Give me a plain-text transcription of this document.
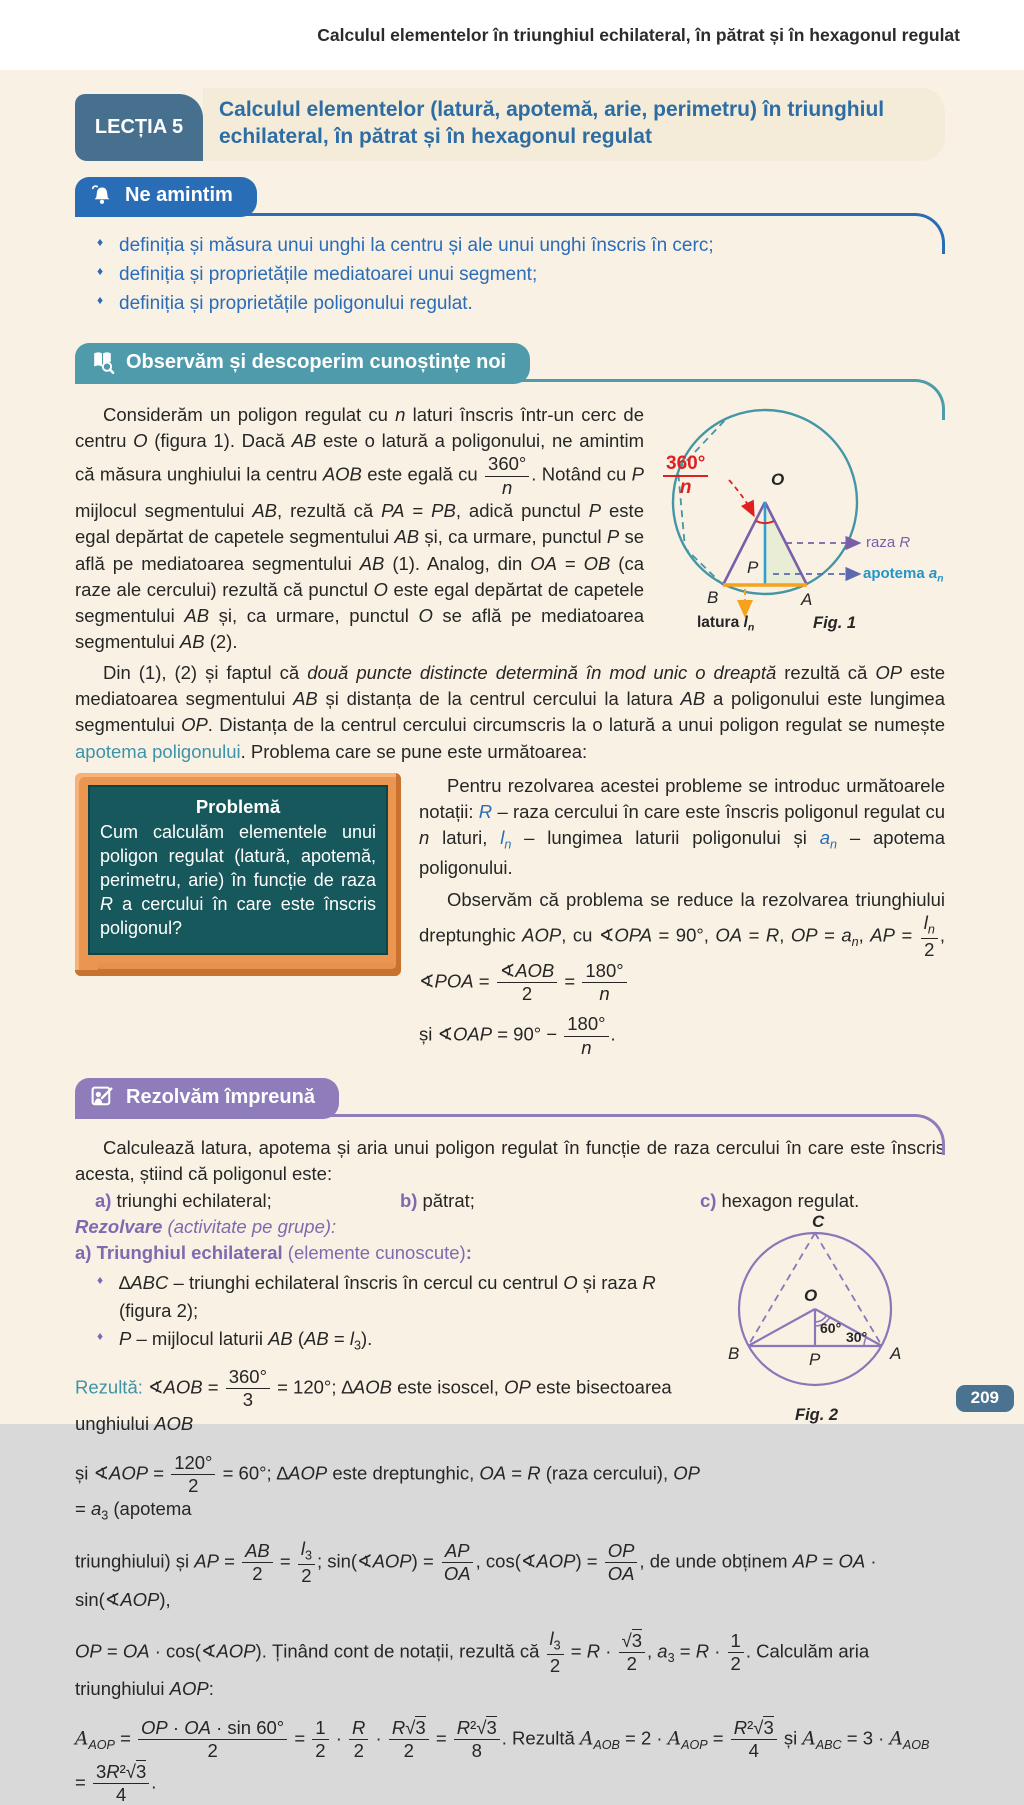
Calculul elementelor în triunghiul echilateral, în pătrat și în hexagonul regulat
LECȚIA 5
Calculul elementelor (latură, apotemă, arie, perimetru) în triunghiul echilateral, în pătrat și în hexagonul regulat
Ne amintim
♦ definiția și măsura unui unghi la centru și ale unui unghi înscris în cerc;
♦ definiția și proprietățile mediatoarei unui segment;
♦ definiția și proprietățile poligonului regulat.
Observăm și descoperim cunoștințe noi

Considerăm un poligon regulat cu n laturi înscris într-un cerc de centru O (figura 1). Dacă AB este o latură a poligonului, ne amintim că măsura unghiului la centru AOB este egală cu $\frac{360^\circ}{n}$ . Notând cu P mijlocul segmentului AB, rezultă că PA = PB, adică punctul P este egal depărtat de capetele segmentului AB și, ca urmare, punctul P se află pe mediatoarea segmentului AB (1). Analog, din OA = OB (ca raze ale cercului) rezultă că punctul O este egal depărtat de capetele segmentului AB și, ca urmare, punctul O se află pe mediatoarea segmentului AB (2).

$\frac{360^\circ}{n}$	O
B	A
P
raza R
apotema $a_n$
latura $l_n$	Fig. 1

Din (1), (2) și faptul că două puncte distincte determină în mod unic o dreaptă rezultă că OP este mediatoarea segmentului AB și distanța de la centrul cercului la latura AB a poligonului este lungimea segmentului OP. Distanța de la centrul cercului circumscris la o latură a unui poligon regulat se numește apotema poligonului. Problema care se pune este următoarea:

Problemă
Cum calculăm elementele unui poligon regulat (latură, apotemă, perimetru, arie) în funcție de raza R a cercului în care este înscris poligonul?

Pentru rezolvarea acestei probleme se introduc următoarele notații: R – raza cercului în care este înscris poligonul regulat cu n laturi, $l_n$ – lungimea laturii poligonului și $a_n$ – apotema poligonului.

Observăm că problema se reduce la rezolvarea triunghiului dreptunghic AOP, cu ∢OPA = 90°, OA = R, OP = $a_n$, AP = $\frac{l_n}{2}$ , ∢POA = $\frac{\text{∢AOB}}{2} = \frac{180^\circ}{n}$

și ∢OAP = $90^\circ - \frac{180^\circ}{n}$ .

Rezolvăm împreună

Calculează latura, apotema și aria unui poligon regulat în funcție de raza cercului în care este înscris acesta, știind că poligonul este:

a) triunghi echilateral;	b) pătrat;	c) hexagon regulat.
Rezolvare (activitate pe grupe):
a) Triunghiul echilateral (elemente cunoscute):
♦ ∆ABC – triunghi echilateral înscris în cercul cu centrul O și raza R (figura 2);
♦ P – mijlocul laturii AB $(AB = l_3)$.
Rezultă: ∢AOB = $\frac{360^\circ}{3} = 120^\circ$; ∆AOB este isoscel, OP este bisectoarea unghiului AOB
și ∢AOP = $\frac{120^\circ}{2} = 60^\circ$; ∆AOP este dreptunghic, OA = R (raza cercului), OP = $a_3$ (apotema
C
O
B	P	A
60°
30°
Fig. 2
triunghiului) și AP = $\frac{AB}{2} = \frac{l_3}{2}$ ; sin(∢AOP) = $\frac{AP}{OA}$ , cos(∢AOP) = $\frac{OP}{OA}$ , de unde obținem AP = OA · sin(∢AOP),
OP = OA · cos(∢AOP). Ținând cont de notații, rezultă că $\frac{l_3}{2} = R \cdot \frac{√3}{2}$ , $a_3 = R \cdot \frac{1}{2}$ . Calculăm aria triunghiului AOP:
$A_{AOP} = \frac{OP \cdot OA \cdot \sin 60^\circ}{2} = \frac{1}{2} \cdot \frac{R}{2} \cdot \frac{R√3}{2} = \frac{\text{R²√3}}{8}$ . Rezultă $A_{AOB} = 2 \cdot A_{AOP} = \frac{\text{R²√3}}{4}$ și $A_{ABC} = 3 \cdot A_{AOB} = \frac{\text{3R²√3}}{4}$ .
209
